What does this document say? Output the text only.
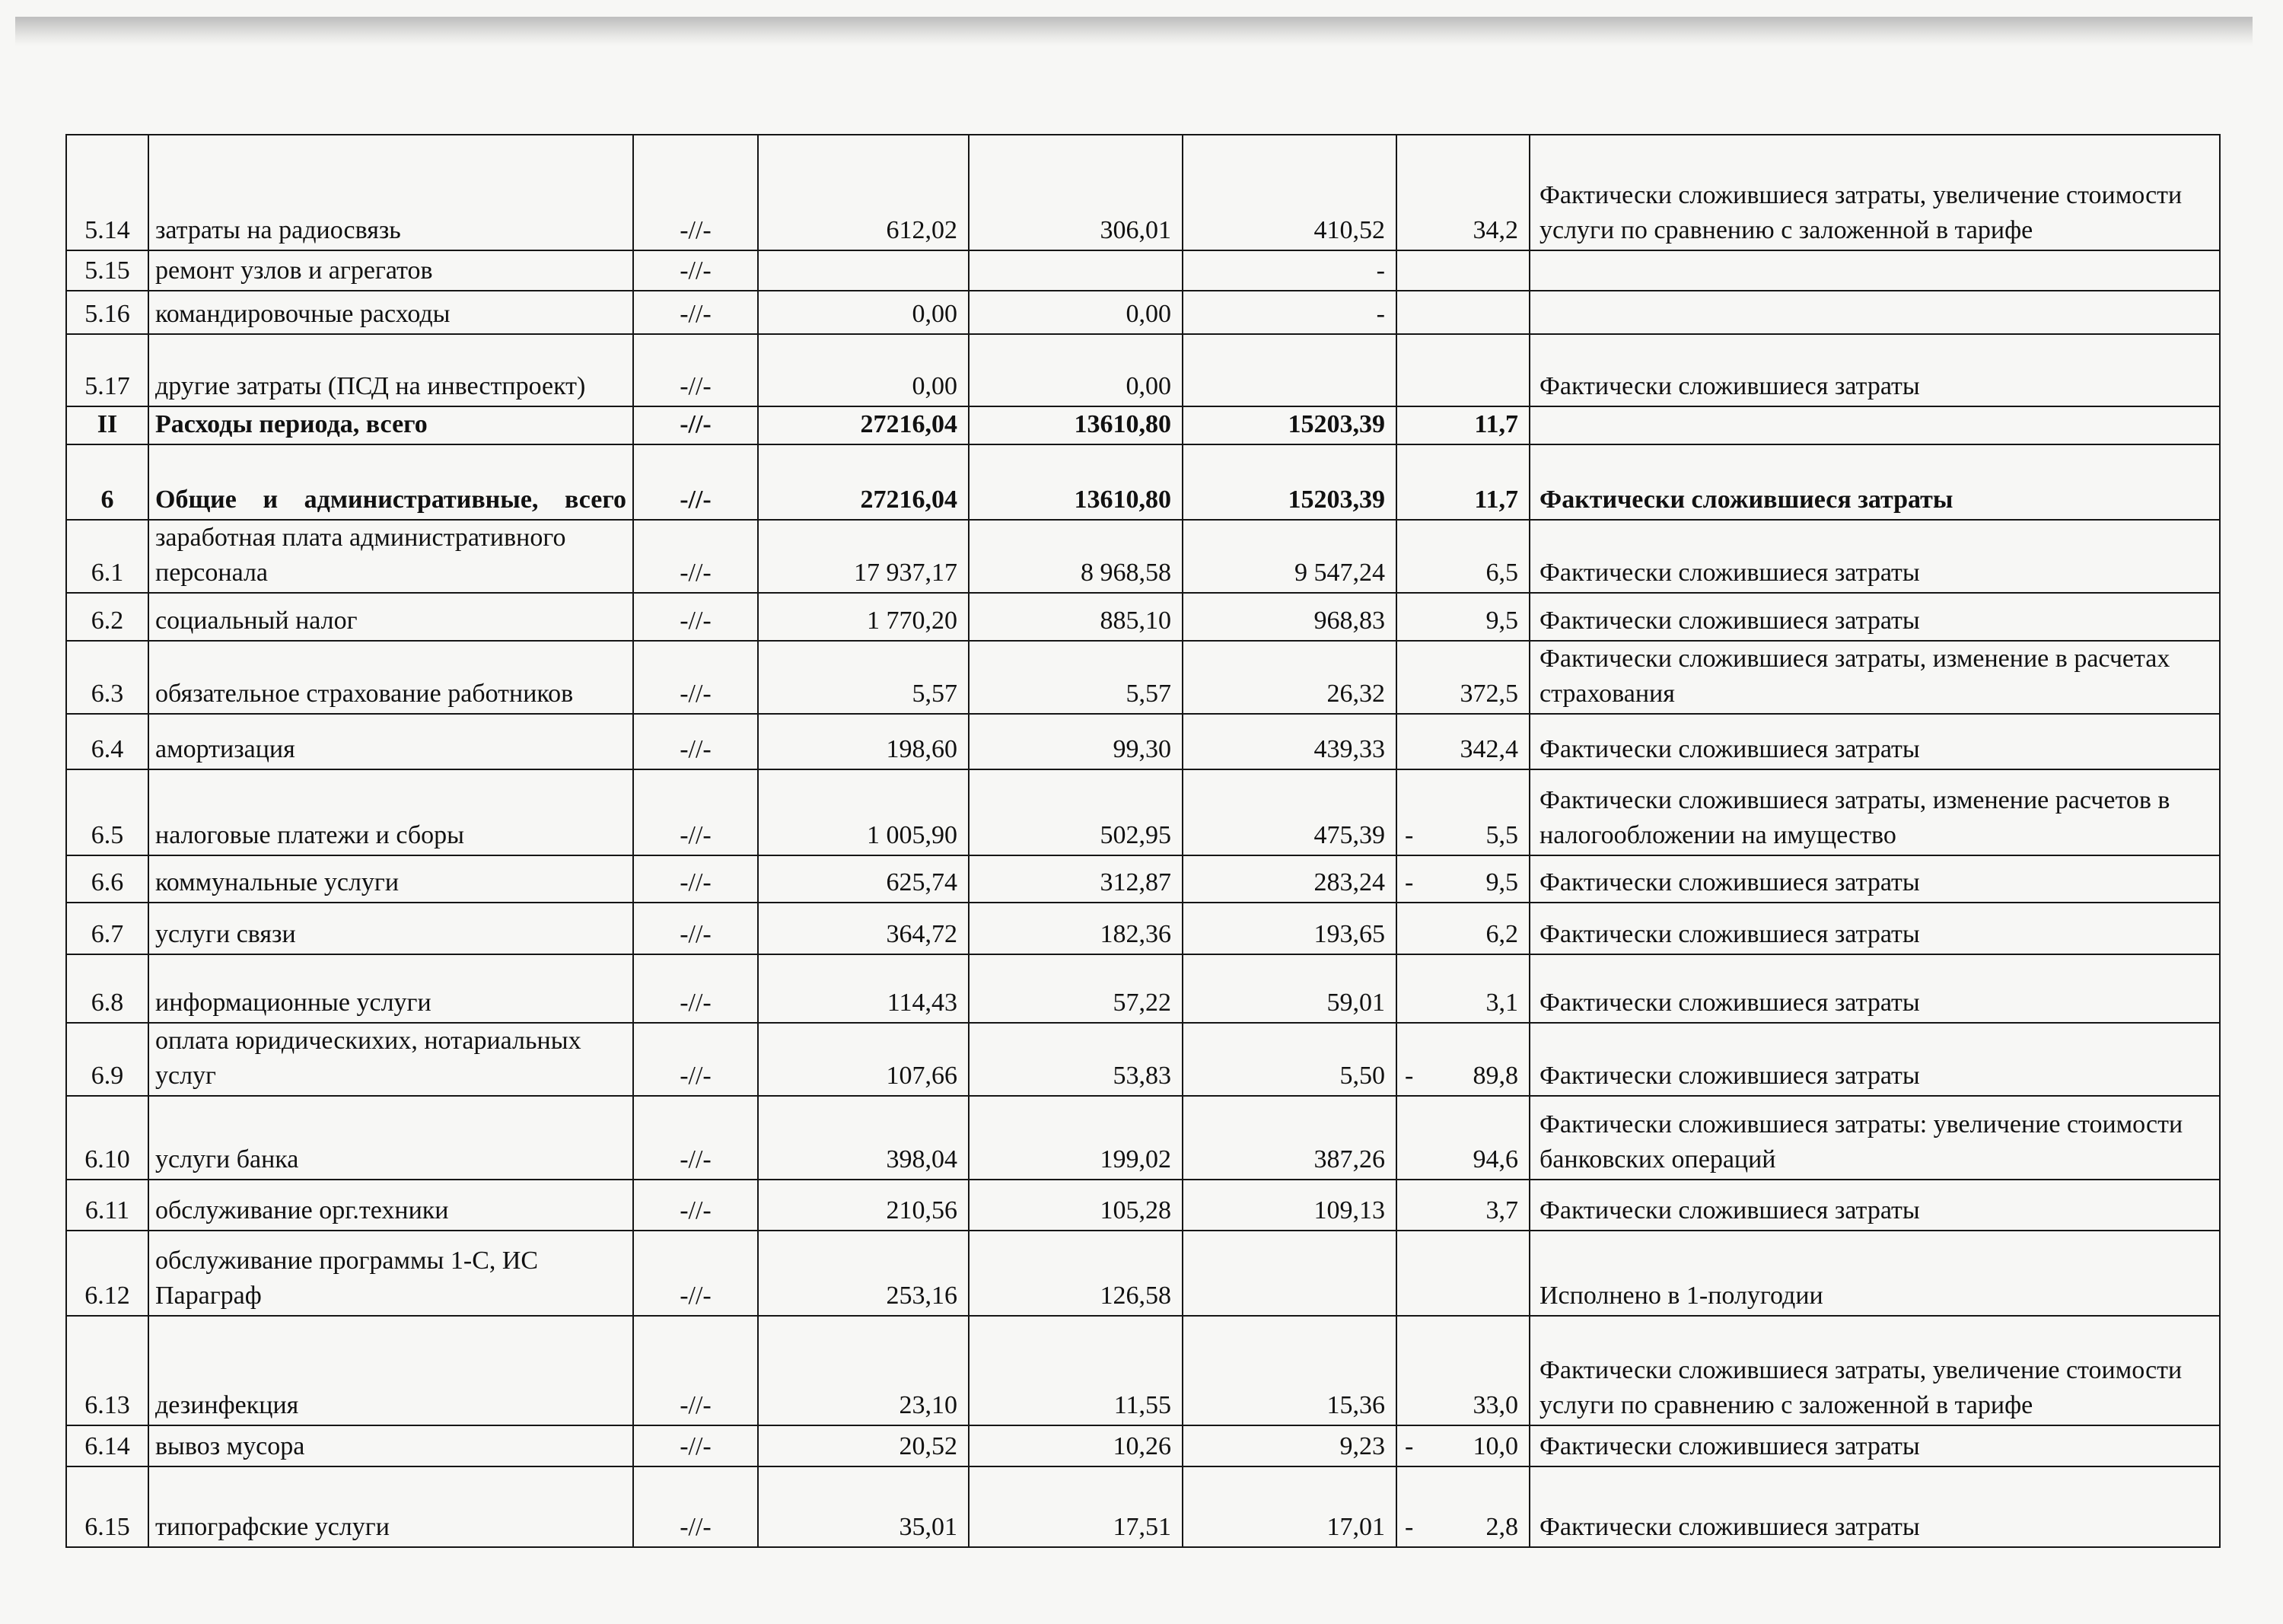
5.14	затраты на радиосвязь	-//-	612,02	306,01	410,52	34,2	Фактически сложившиеся затраты, увеличение стоимости услуги по сравнению с заложенной в тарифе
5.15	ремонт узлов и агрегатов	-//-			-	

5.16	командировочные расходы	-//-	0,00	0,00	-	

5.17	другие затраты (ПСД на инвестпроект)	-//-	0,00	0,00			Фактически сложившиеся затраты
II	Расходы периода, всего	-//-	27216,04	13610,80	15203,39	11,7	

6	Общие и административные, всего	-//-	27216,04	13610,80	15203,39	11,7	Фактически сложившиеся затраты
6.1	заработная плата административного персонала	-//-	17 937,17	8 968,58	9 547,24	6,5	Фактически сложившиеся затраты
6.2	социальный налог	-//-	1 770,20	885,10	968,83	9,5	Фактически сложившиеся затраты
6.3	обязательное страхование работников	-//-	5,57	5,57	26,32	372,5	Фактически сложившиеся затраты, изменение в расчетах страхования
6.4	амортизация	-//-	198,60	99,30	439,33	342,4	Фактически сложившиеся затраты
6.5	налоговые платежи и сборы	-//-	1 005,90	502,95	475,39	- 5,5	Фактически сложившиеся затраты, изменение расчетов в налогообложении на имущество
6.6	коммунальные услуги	-//-	625,74	312,87	283,24	- 9,5	Фактически сложившиеся затраты
6.7	услуги связи	-//-	364,72	182,36	193,65	6,2	Фактически сложившиеся затраты
6.8	информационные услуги	-//-	114,43	57,22	59,01	3,1	Фактически сложившиеся затраты
6.9	оплата юридическихих, нотариальных услуг	-//-	107,66	53,83	5,50	- 89,8	Фактически сложившиеся затраты
6.10	услуги банка	-//-	398,04	199,02	387,26	94,6	Фактически сложившиеся затраты: увеличение стоимости банковских операций
6.11	обслуживание орг.техники	-//-	210,56	105,28	109,13	3,7	Фактически сложившиеся затраты
6.12	обслуживание программы 1-С, ИС Параграф	-//-	253,16	126,58			Исполнено в 1-полугодии
6.13	дезинфекция	-//-	23,10	11,55	15,36	33,0	Фактически сложившиеся затраты, увеличение стоимости услуги по сравнению с заложенной в тарифе
6.14	вывоз мусора	-//-	20,52	10,26	9,23	- 10,0	Фактически сложившиеся затраты
6.15	типографские услуги	-//-	35,01	17,51	17,01	- 2,8	Фактически сложившиеся затраты
